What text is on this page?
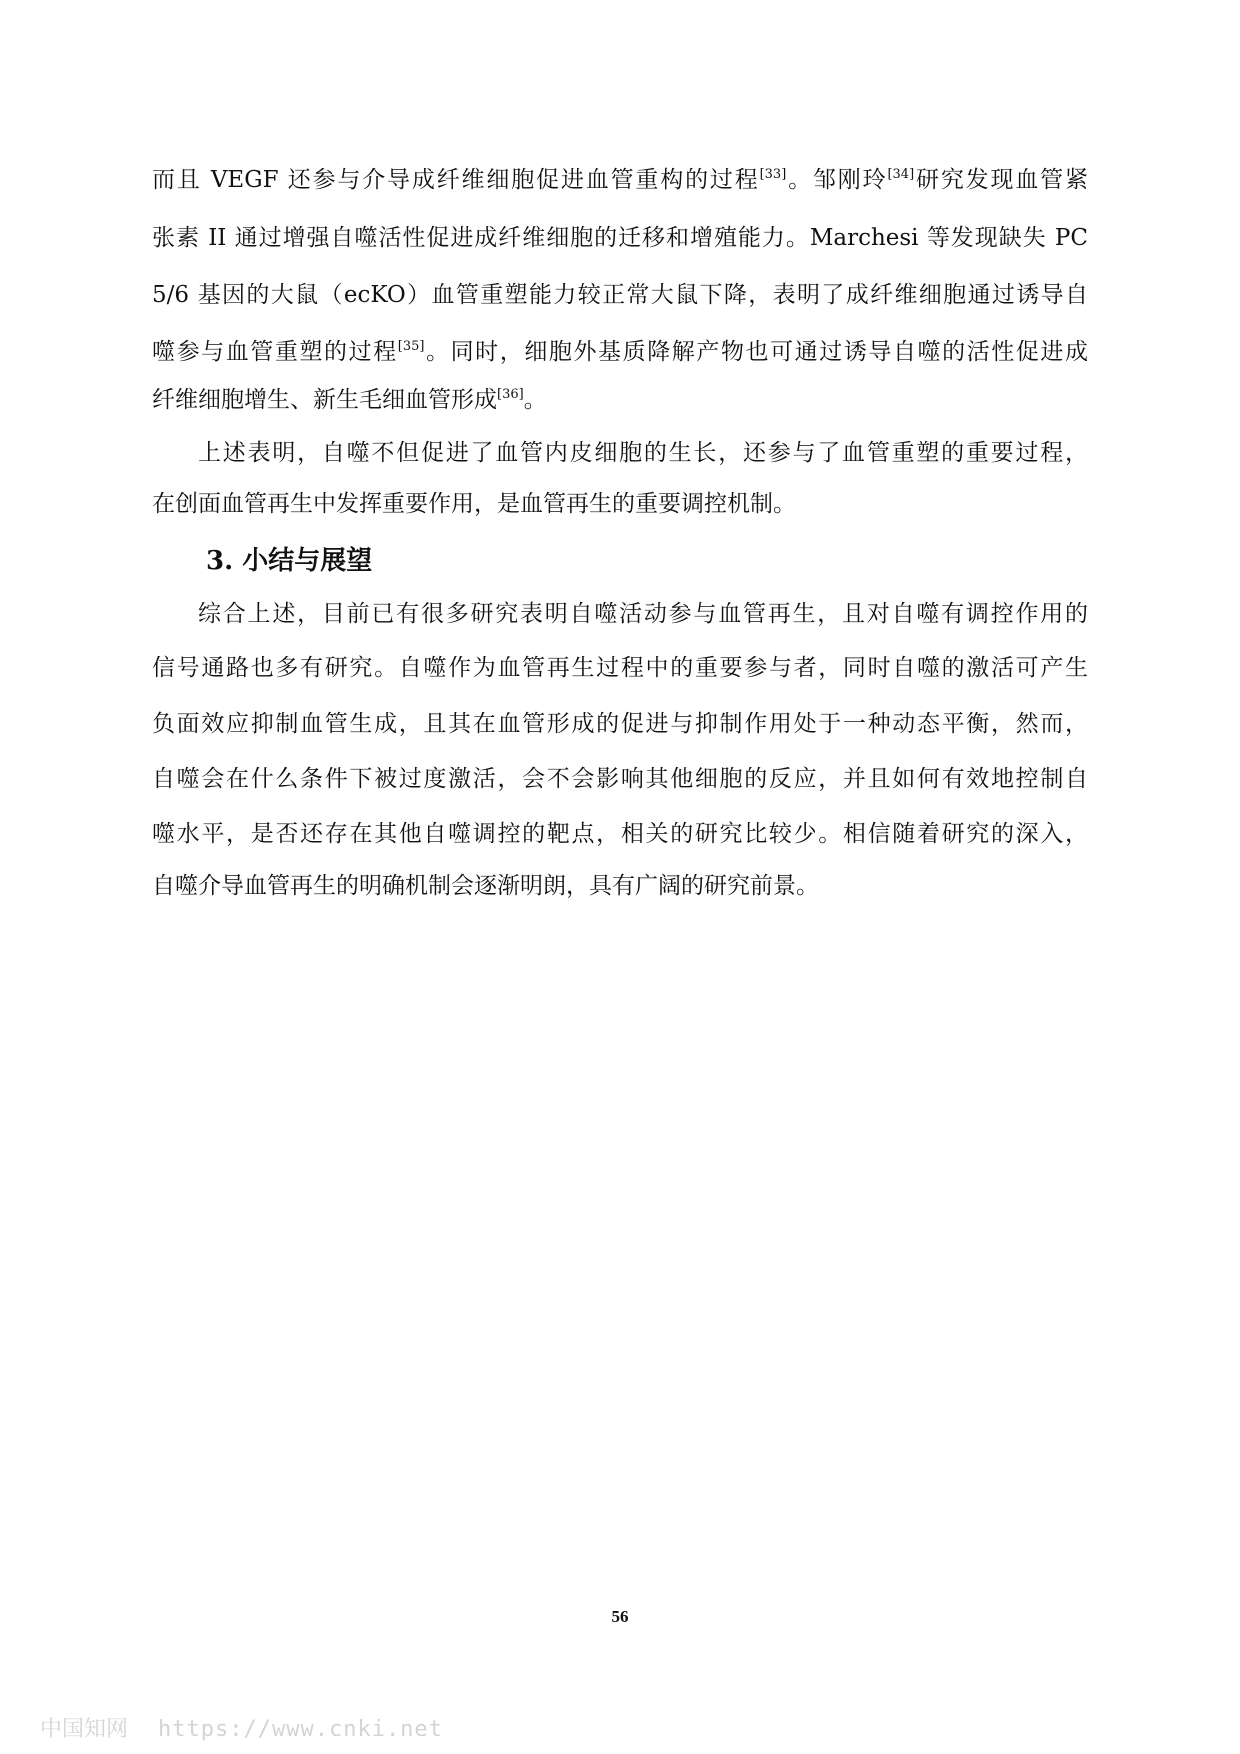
而且 VEGF 还参与介导成纤维细胞促进血管重构的过程[33]。邹刚玲[34]研究发现血管紧
张素 II 通过增强自噬活性促进成纤维细胞的迁移和增殖能力。Marchesi 等发现缺失 PC
5/6 基因的大鼠（ecKO）血管重塑能力较正常大鼠下降，表明了成纤维细胞通过诱导自
噬参与血管重塑的过程[35]。同时，细胞外基质降解产物也可通过诱导自噬的活性促进成
纤维细胞增生、新生毛细血管形成[36]。
上述表明，自噬不但促进了血管内皮细胞的生长，还参与了血管重塑的重要过程，
在创面血管再生中发挥重要作用，是血管再生的重要调控机制。
3. 小结与展望
综合上述，目前已有很多研究表明自噬活动参与血管再生，且对自噬有调控作用的
信号通路也多有研究。自噬作为血管再生过程中的重要参与者，同时自噬的激活可产生
负面效应抑制血管生成，且其在血管形成的促进与抑制作用处于一种动态平衡，然而，
自噬会在什么条件下被过度激活，会不会影响其他细胞的反应，并且如何有效地控制自
噬水平，是否还存在其他自噬调控的靶点，相关的研究比较少。相信随着研究的深入，
自噬介导血管再生的明确机制会逐渐明朗，具有广阔的研究前景。
56
中国知网 https://www.cnki.net
